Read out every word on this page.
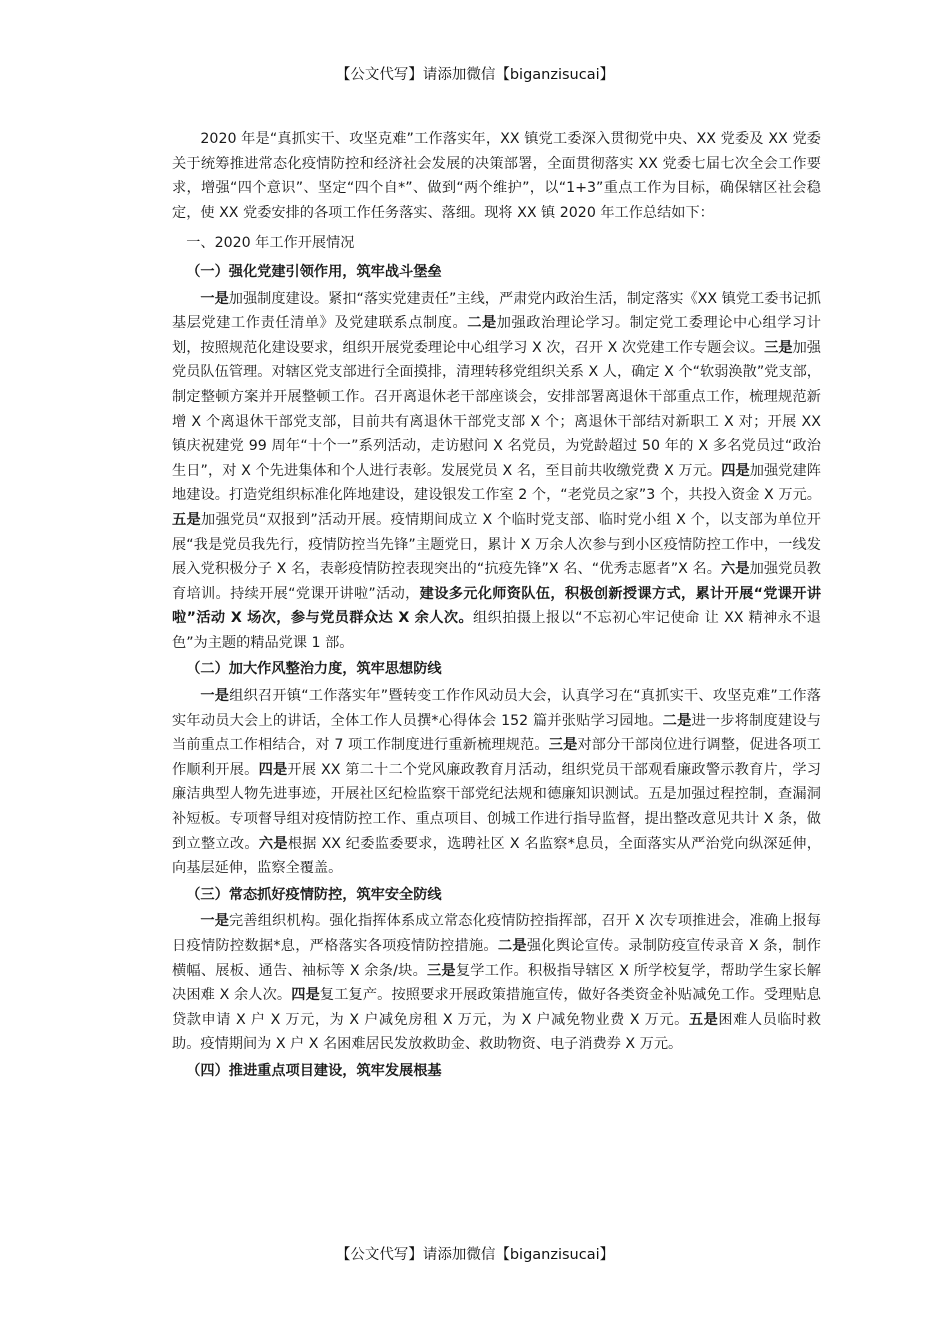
【公文代写】请添加微信【biganzisucai】

2020 年是“真抓实干、攻坚克难”工作落实年，XX 镇党工委深入贯彻党中央、XX 党委及 XX 党委关于统筹推进常态化疫情防控和经济社会发展的决策部署，全面贯彻落实 XX 党委七届七次全会工作要求，增强“四个意识”、坚定“四个自*”、做到“两个维护”，以“1+3”重点工作为目标，确保辖区社会稳定，使 XX 党委安排的各项工作任务落实、落细。现将 XX 镇 2020 年工作总结如下：

一、2020 年工作开展情况

（一）强化党建引领作用，筑牢战斗堡垒

一是加强制度建设。紧扣“落实党建责任”主线，严肃党内政治生活，制定落实《XX 镇党工委书记抓基层党建工作责任清单》及党建联系点制度。二是加强政治理论学习。制定党工委理论中心组学习计划，按照规范化建设要求，组织开展党委理论中心组学习 X 次，召开 X 次党建工作专题会议。三是加强党员队伍管理。对辖区党支部进行全面摸排，清理转移党组织关系 X 人，确定 X 个“软弱涣散”党支部，制定整顿方案并开展整顿工作。召开离退休老干部座谈会，安排部署离退休干部重点工作，梳理规范新增 X 个离退休干部党支部，目前共有离退休干部党支部 X 个；离退休干部结对新职工 X 对；开展 XX 镇庆祝建党 99 周年“十个一”系列活动，走访慰问 X 名党员，为党龄超过 50 年的 X 多名党员过“政治生日”，对 X 个先进集体和个人进行表彰。发展党员 X 名，至目前共收缴党费 X 万元。四是加强党建阵地建设。打造党组织标准化阵地建设，建设银发工作室 2 个，“老党员之家”3 个，共投入资金 X 万元。五是加强党员“双报到”活动开展。疫情期间成立 X 个临时党支部、临时党小组 X 个，以支部为单位开展“我是党员我先行，疫情防控当先锋”主题党日，累计 X 万余人次参与到小区疫情防控工作中，一线发展入党积极分子 X 名，表彰疫情防控表现突出的“抗疫先锋”X 名、“优秀志愿者”X 名。六是加强党员教育培训。持续开展“党课开讲啦”活动，建设多元化师资队伍，积极创新授课方式，累计开展“党课开讲啦”活动 X 场次，参与党员群众达 X 余人次。组织拍摄上报以“不忘初心牢记使命 让 XX 精神永不退色”为主题的精品党课 1 部。

（二）加大作风整治力度，筑牢思想防线

一是组织召开镇“工作落实年”暨转变工作作风动员大会，认真学习在“真抓实干、攻坚克难”工作落实年动员大会上的讲话，全体工作人员撰*心得体会 152 篇并张贴学习园地。二是进一步将制度建设与当前重点工作相结合，对 7 项工作制度进行重新梳理规范。三是对部分干部岗位进行调整，促进各项工作顺利开展。四是开展 XX 第二十二个党风廉政教育月活动，组织党员干部观看廉政警示教育片，学习廉洁典型人物先进事迹，开展社区纪检监察干部党纪法规和德廉知识测试。五是加强过程控制，查漏洞补短板。专项督导组对疫情防控工作、重点项目、创城工作进行指导监督，提出整改意见共计 X 条，做到立整立改。六是根据 XX 纪委监委要求，选聘社区 X 名监察*息员，全面落实从严治党向纵深延伸，向基层延伸，监察全覆盖。

（三）常态抓好疫情防控，筑牢安全防线

一是完善组织机构。强化指挥体系成立常态化疫情防控指挥部，召开 X 次专项推进会，准确上报每日疫情防控数据*息，严格落实各项疫情防控措施。二是强化舆论宣传。录制防疫宣传录音 X 条，制作横幅、展板、通告、袖标等 X 余条/块。三是复学工作。积极指导辖区 X 所学校复学，帮助学生家长解决困难 X 余人次。四是复工复产。按照要求开展政策措施宣传，做好各类资金补贴减免工作。受理贴息贷款申请 X 户 X 万元，为 X 户减免房租 X 万元，为 X 户减免物业费 X 万元。五是困难人员临时救助。疫情期间为 X 户 X 名困难居民发放救助金、救助物资、电子消费券 X 万元。

（四）推进重点项目建设，筑牢发展根基

【公文代写】请添加微信【biganzisucai】
